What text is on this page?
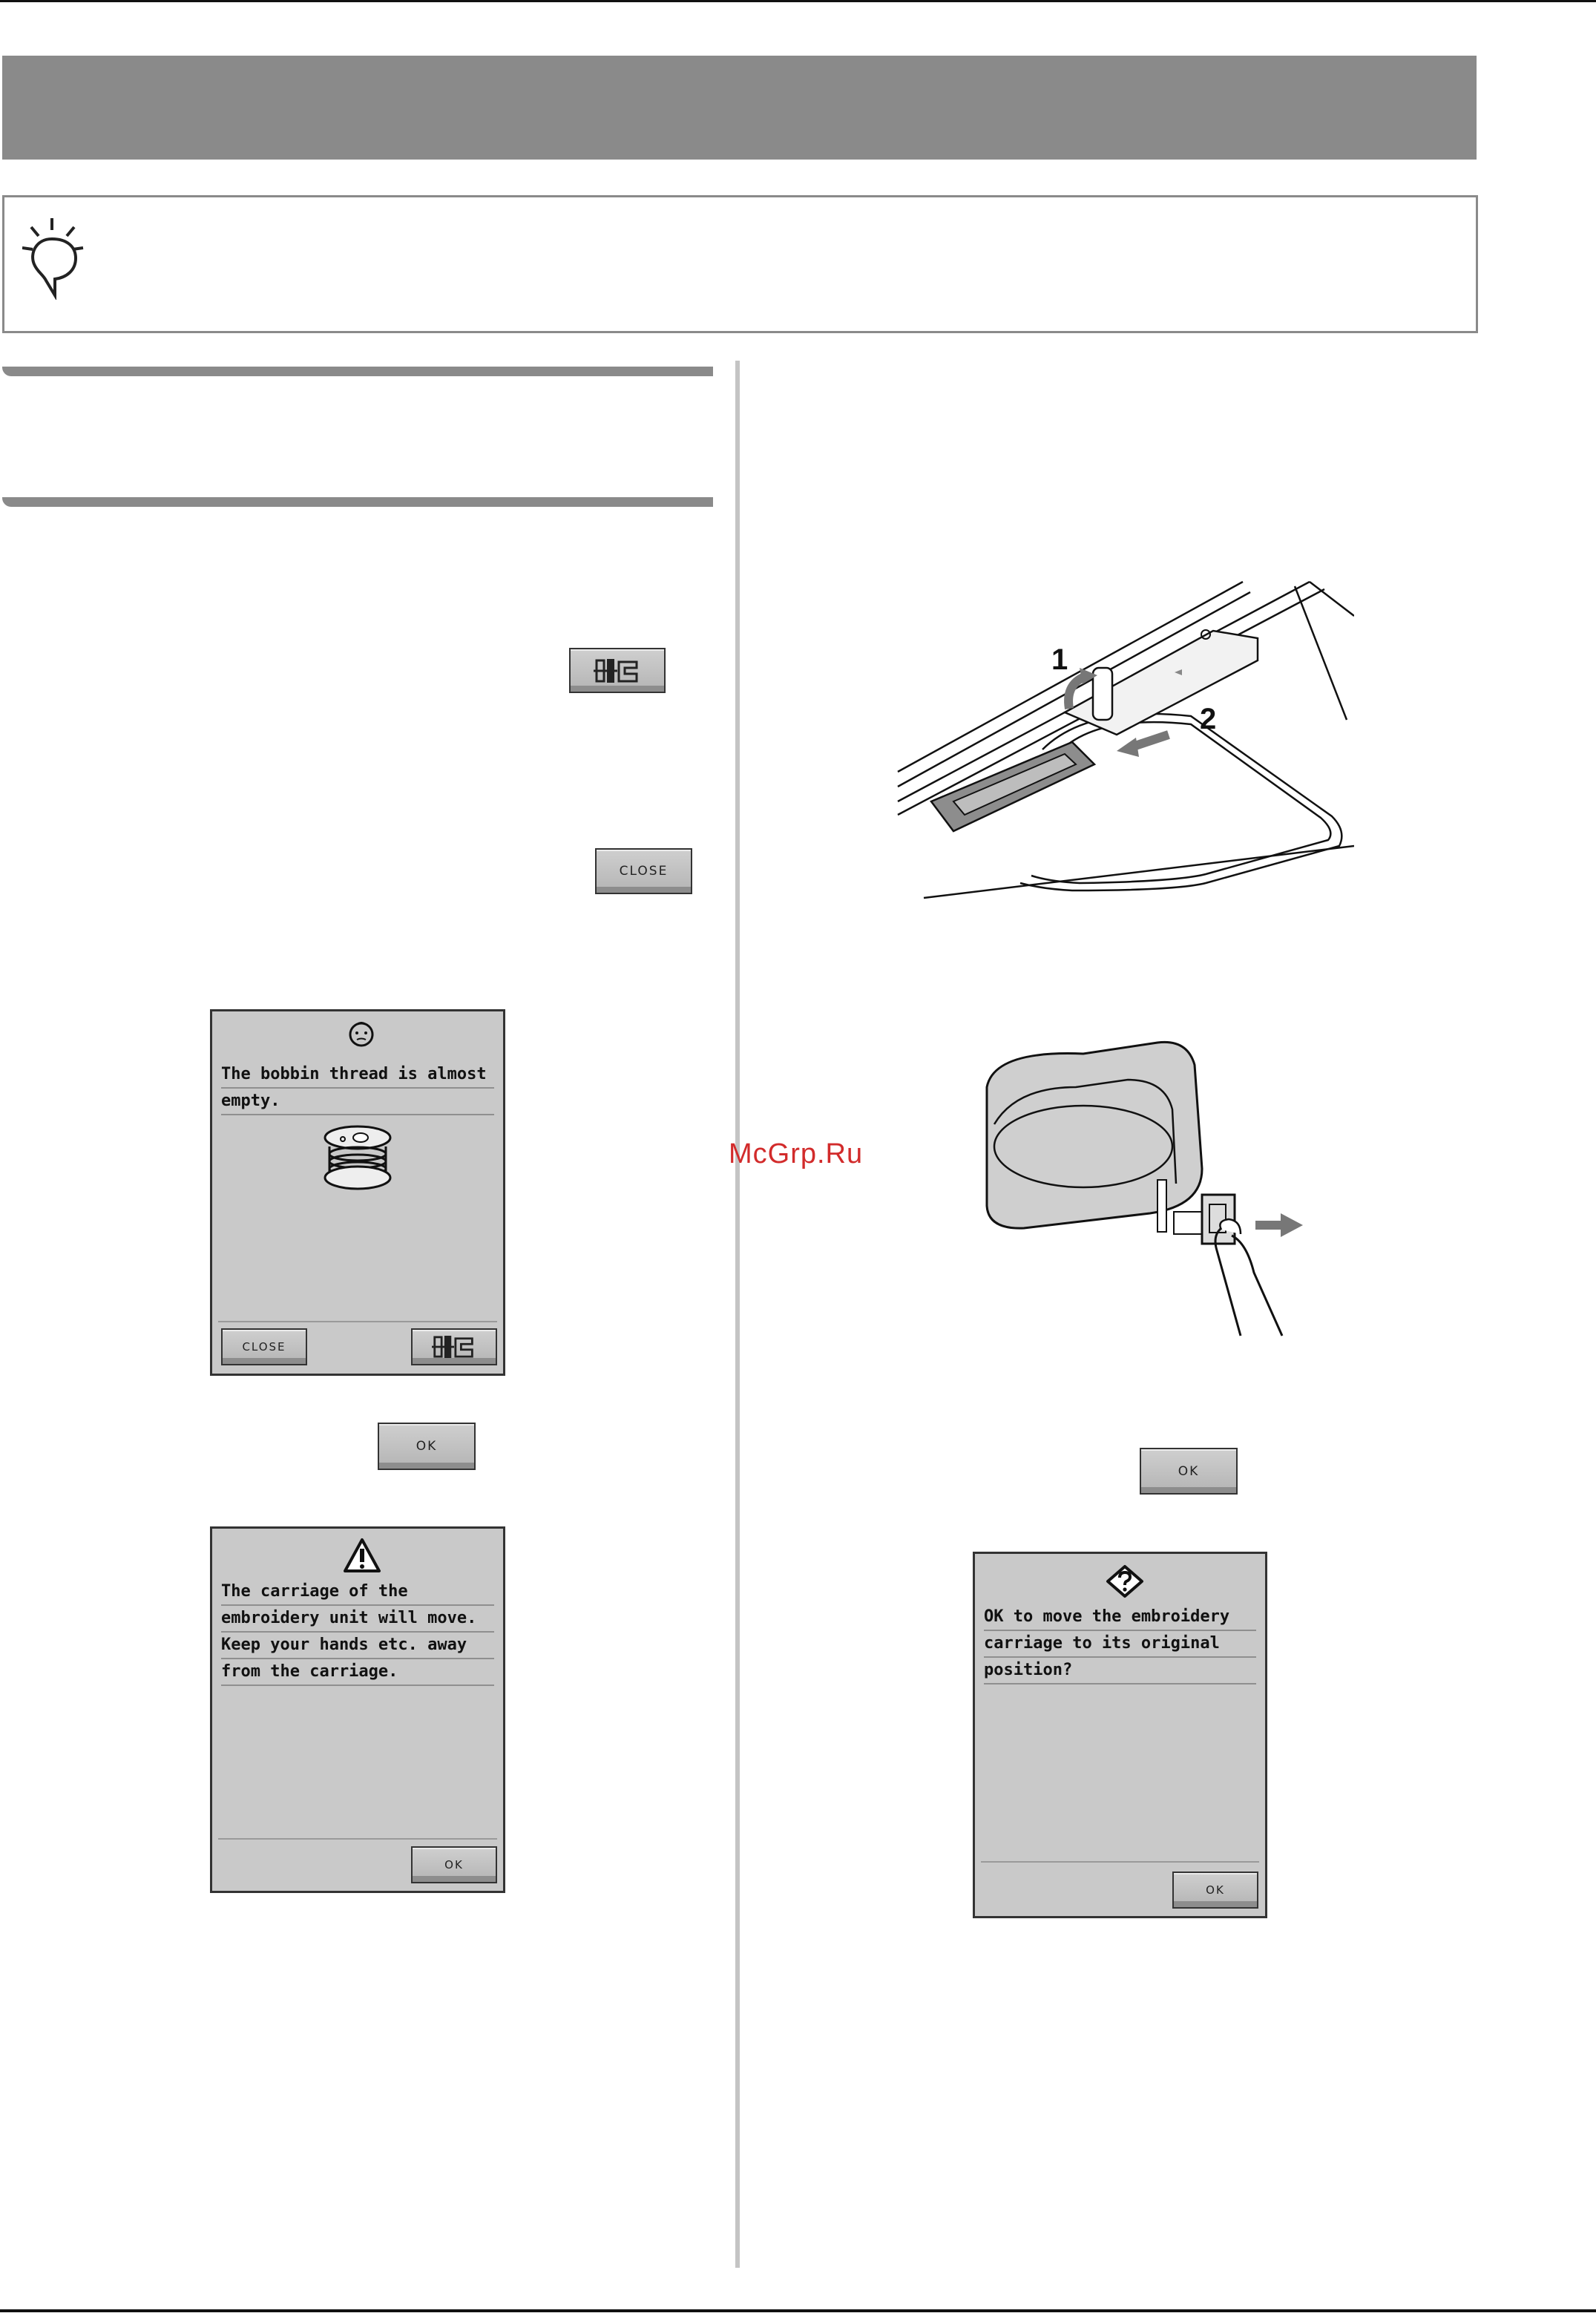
CLOSE
The bobbin thread is almost
empty.
CLOSE
OK
The carriage of the
embroidery unit will move.
Keep your hands etc. away
from the carriage.
OK
1
2
McGrp.Ru
OK
OK to move the embroidery
carriage to its original
position?
OK
